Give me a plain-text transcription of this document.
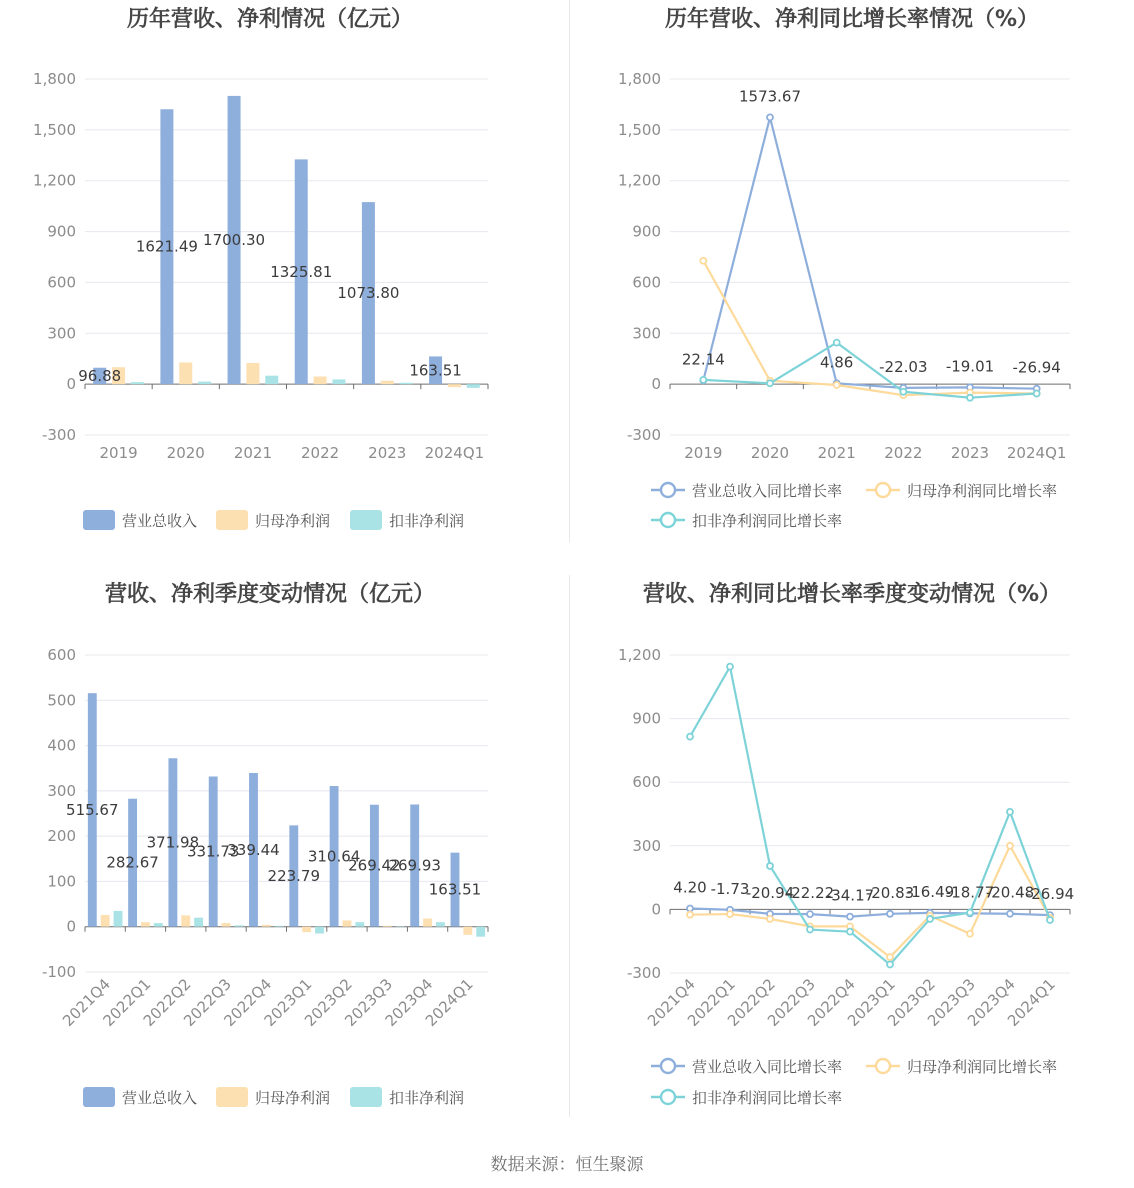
历年营收、净利情况（亿元）
-300
0
300
600
900
1,200
1,500
1,800
2019 2020 2021 2022 2023 2024Q1
96.88
1621.49 1700.30
1325.81
1073.80
163.51
营业总收入	归母净利润	扣非净利润
历年营收、净利同比增长率情况（%）
-300
0
300
600
900
1,200
1,500
1,800
2019 2020 2021 2022 2023 2024Q1
22.14
1573.67
4.86 -22.03 -19.01 -26.94
营业总收入同比增长率	归母净利润同比增长率
扣非净利润同比增长率
营收、净利季度变动情况（亿元）
-100
0
100
200
300
400
500
600
2021Q4
2022Q1
2022Q2
2022Q3
2022Q4
2023Q1
2023Q2
2023Q3
2023Q4
2024Q1
515.67
282.67
371.98
331.73
339.44
223.79
310.64
269.42
269.93
163.51
营业总收入	归母净利润	扣非净利润
营收、净利同比增长率季度变动情况（%）
-300
0
300
600
900
1,200
2021Q4
2022Q1
2022Q2
2022Q3
2022Q4
2023Q1
2023Q2
2023Q3
2023Q4
2024Q1
4.20 -1.73
-20.94
-22.22
-34.17
-20.83
-16.49
-18.77
-20.48
-26.94
营业总收入同比增长率	归母净利润同比增长率
扣非净利润同比增长率
数据来源：恒生聚源
